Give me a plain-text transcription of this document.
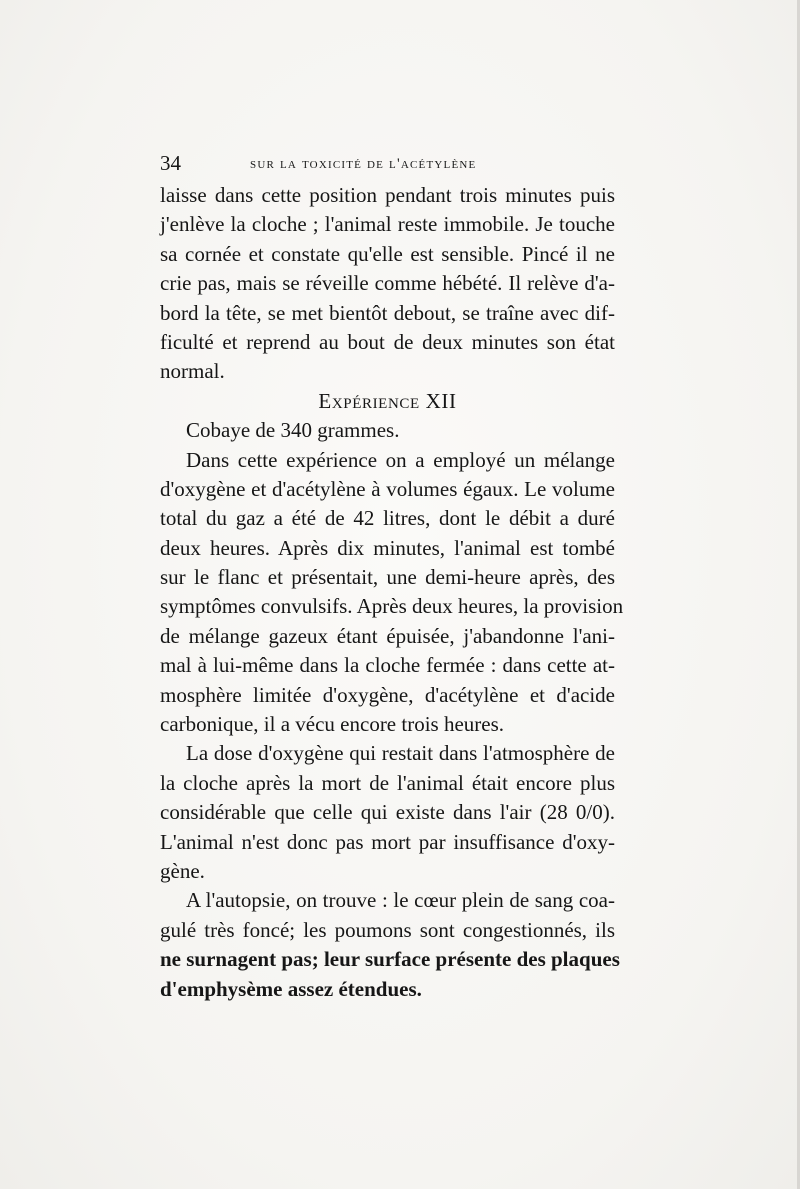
34	sur la toxicité de l'acétylène
laisse dans cette position pendant trois minutes puis
j'enlève la cloche ; l'animal reste immobile. Je touche
sa cornée et constate qu'elle est sensible. Pincé il ne
crie pas, mais se réveille comme hébété. Il relève d'a-
bord la tête, se met bientôt debout, se traîne avec dif-
ficulté et reprend au bout de deux minutes son état
normal.
Expérience XII
Cobaye de 340 grammes.
Dans cette expérience on a employé un mélange
d'oxygène et d'acétylène à volumes égaux. Le volume
total du gaz a été de 42 litres, dont le débit a duré
deux heures. Après dix minutes, l'animal est tombé
sur le flanc et présentait, une demi-heure après, des
symptômes convulsifs. Après deux heures, la provision
de mélange gazeux étant épuisée, j'abandonne l'ani-
mal à lui-même dans la cloche fermée : dans cette at-
mosphère limitée d'oxygène, d'acétylène et d'acide
carbonique, il a vécu encore trois heures.
La dose d'oxygène qui restait dans l'atmosphère de
la cloche après la mort de l'animal était encore plus
considérable que celle qui existe dans l'air (28 0/0).
L'animal n'est donc pas mort par insuffisance d'oxy-
gène.
A l'autopsie, on trouve : le cœur plein de sang coa-
gulé très foncé; les poumons sont congestionnés, ils
ne surnagent pas; leur surface présente des plaques
d'emphysème assez étendues.
